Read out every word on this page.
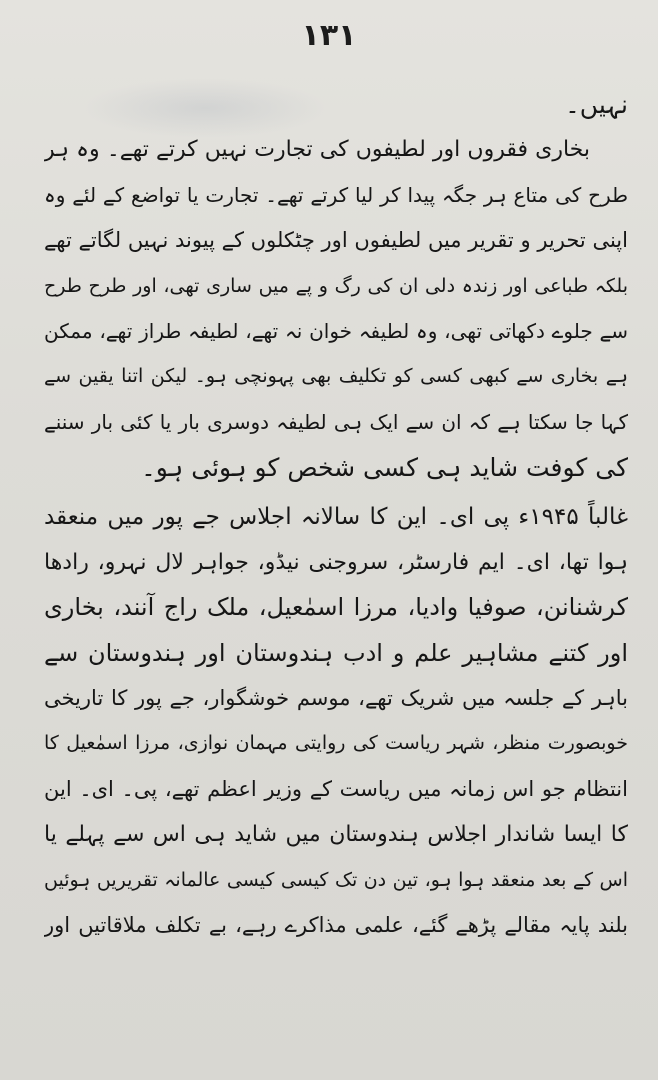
۱۳۱
نہیں۔
بخاری فقروں اور لطیفوں کی تجارت نہیں کرتے تھے۔ وہ ہر
طرح کی متاع ہر جگہ پیدا کر لیا کرتے تھے۔ تجارت یا تواضع کے لئے وہ
اپنی تحریر و تقریر میں لطیفوں اور چٹکلوں کے پیوند نہیں لگاتے تھے
بلکہ طباعی اور زندہ دلی ان کی رگ و پے میں ساری تھی، اور طرح طرح
سے جلوے دکھاتی تھی، وہ لطیفہ خوان نہ تھے، لطیفہ طراز تھے، ممکن
ہے بخاری سے کبھی کسی کو تکلیف بھی پہونچی ہو۔ لیکن اتنا یقین سے
کہا جا سکتا ہے کہ ان سے ایک ہی لطیفہ دوسری بار یا کئی بار سننے
کی کوفت شاید ہی کسی شخص کو ہوئی ہو۔
غالباً ۱۹۴۵ء پی ای۔ این کا سالانہ اجلاس جے پور میں منعقد
ہوا تھا، ای۔ ایم فارسٹر، سروجنی نیڈو، جواہر لال نہرو، رادھا
کرشنانن، صوفیا وادیا، مرزا اسمٰعیل، ملک راج آنند، بخاری
اور کتنے مشاہیر علم و ادب ہندوستان اور ہندوستان سے
باہر کے جلسہ میں شریک تھے، موسم خوشگوار، جے پور کا تاریخی
خوبصورت منظر، شہر ریاست کی روایتی مہمان نوازی، مرزا اسمٰعیل کا
انتظام جو اس زمانہ میں ریاست کے وزیر اعظم تھے، پی۔ ای۔ این
کا ایسا شاندار اجلاس ہندوستان میں شاید ہی اس سے پہلے یا
اس کے بعد منعقد ہوا ہو، تین دن تک کیسی کیسی عالمانہ تقریریں ہوئیں
بلند پایہ مقالے پڑھے گئے، علمی مذاکرے رہے، بے تکلف ملاقاتیں اور
